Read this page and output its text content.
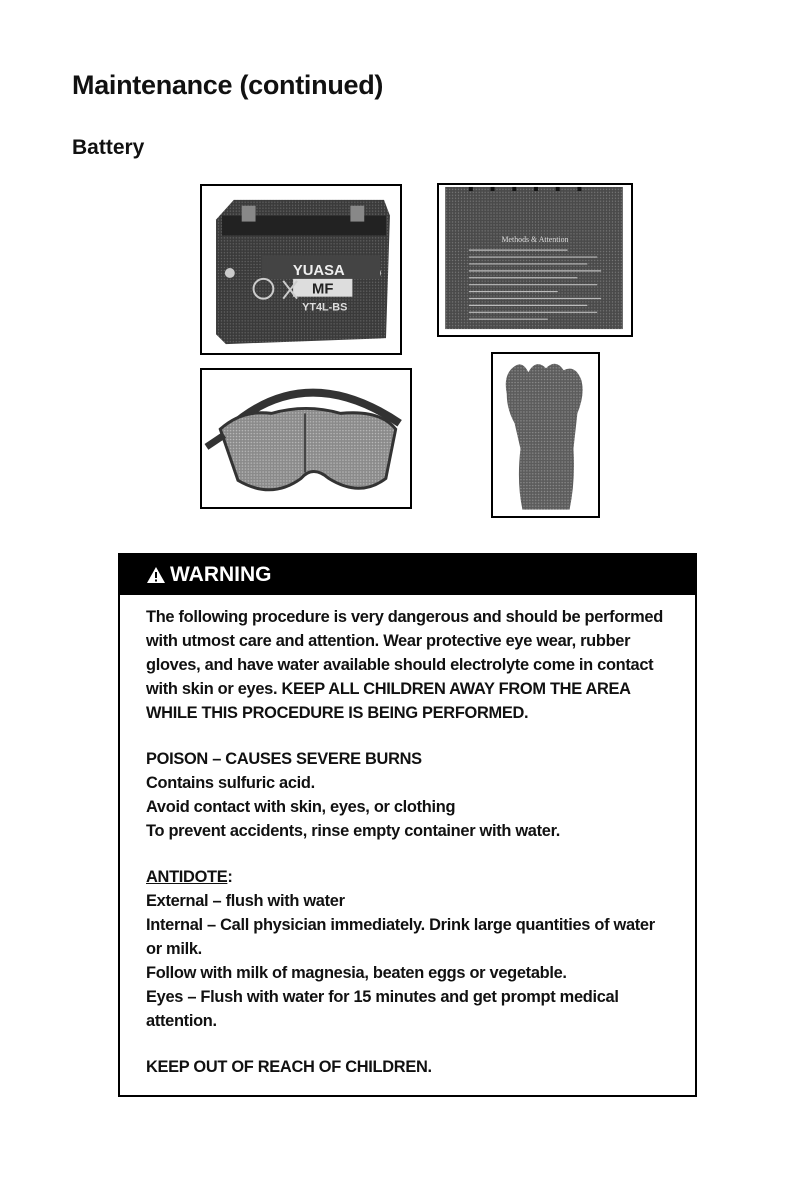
Maintenance (continued)
Battery
YUASA
MF
YT4L-BS
Methods & Attention
WARNING

The following procedure is very dangerous and should be performed

with utmost care and attention. Wear protective eye wear, rubber

gloves, and have water available should electrolyte come in contact

with skin or eyes. KEEP ALL CHILDREN AWAY FROM THE AREA

WHILE THIS PROCEDURE IS BEING PERFORMED.

POISON – CAUSES SEVERE BURNS

Contains sulfuric acid.

Avoid contact with skin, eyes, or clothing

To prevent accidents, rinse empty container with water.

ANTIDOTE:

External – flush with water

Internal – Call physician immediately. Drink large quantities of water

or milk.

Follow with milk of magnesia, beaten eggs or vegetable.

Eyes – Flush with water for 15 minutes and get prompt medical

attention.

KEEP OUT OF REACH OF CHILDREN.
